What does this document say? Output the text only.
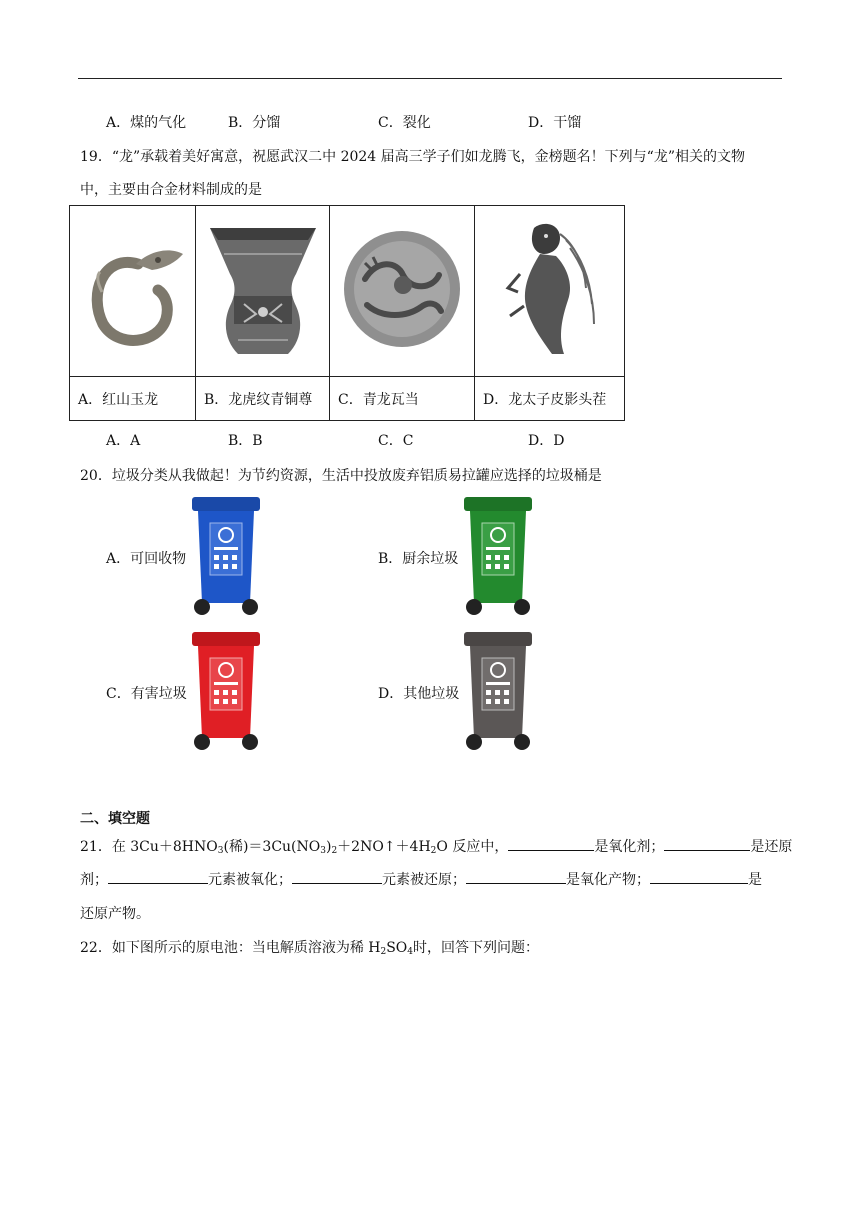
A．煤的气化	B．分馏	C．裂化	D．干馏
19．“龙”承载着美好寓意，祝愿武汉二中 2024 届高三学子们如龙腾飞，金榜题名！下列与“龙”相关的文物
中，主要由合金材料制成的是

A．红山玉龙	B．龙虎纹青铜尊	C．青龙瓦当	D．龙太子皮影头茬
A．A	B．B	C．C	D．D
20．垃圾分类从我做起！为节约资源，生活中投放废弃铝质易拉罐应选择的垃圾桶是
A．可回收物	B．厨余垃圾
C．有害垃圾	D．其他垃圾
二、填空题
21．在 $3Cu+8HNO_3$(稀)$=3Cu(NO_3)_2+2NO↑+4H_2O$ 反应中，	是氧化剂；	是还原
剂；	元素被氧化；	元素被还原；	是氧化产物；	是
还原产物。
22．如下图所示的原电池：当电解质溶液为稀 $H_2SO_4$时，回答下列问题：
